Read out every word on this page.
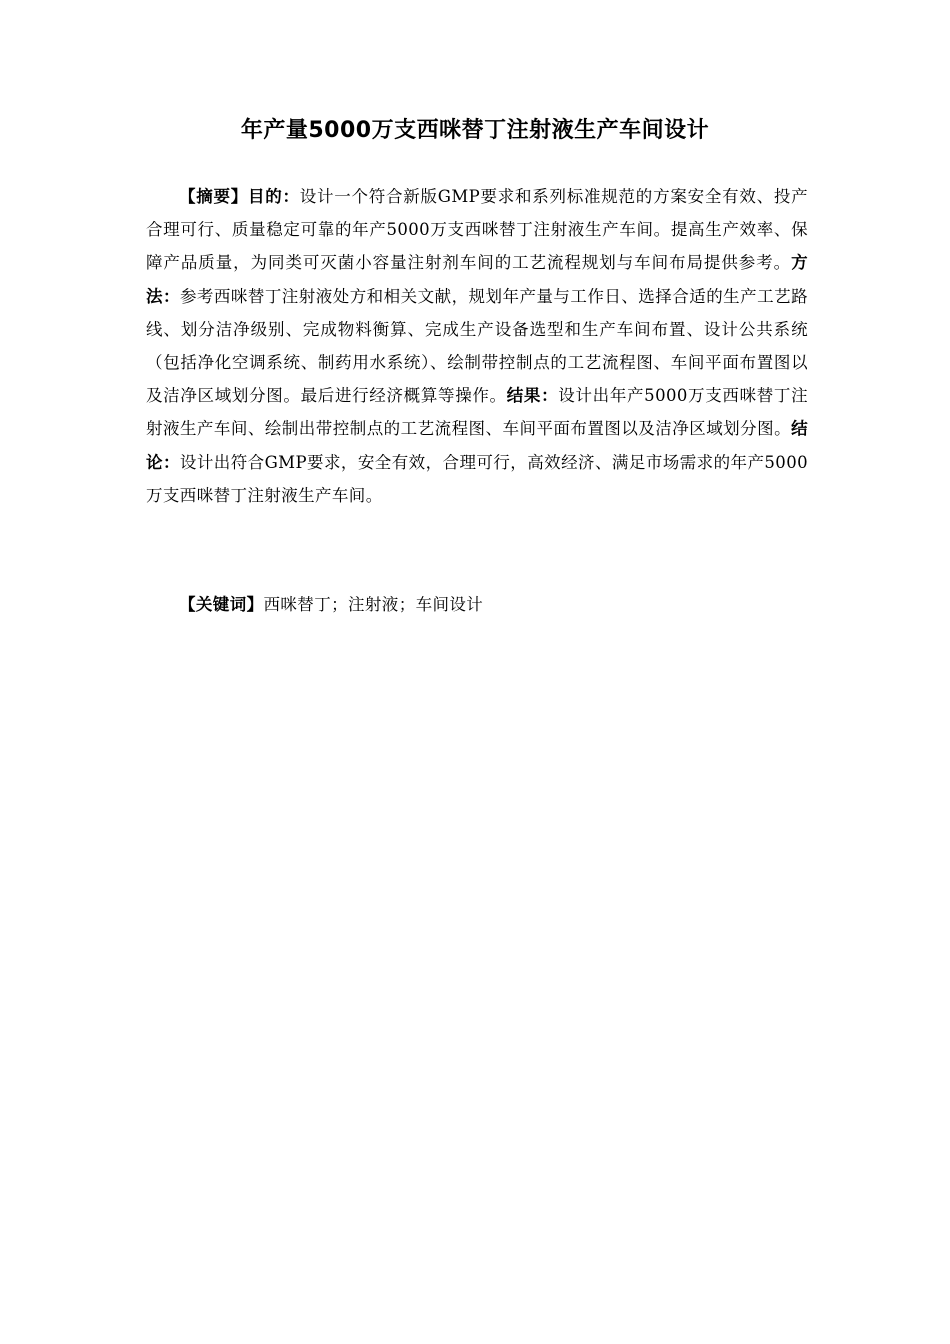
年产量5000万支西咪替丁注射液生产车间设计

【摘要】目的：设计一个符合新版GMP要求和系列标准规范的方案安全有效、投产合理可行、质量稳定可靠的年产5000万支西咪替丁注射液生产车间。提高生产效率、保障产品质量，为同类可灭菌小容量注射剂车间的工艺流程规划与车间布局提供参考。方法：参考西咪替丁注射液处方和相关文献，规划年产量与工作日、选择合适的生产工艺路线、划分洁净级别、完成物料衡算、完成生产设备选型和生产车间布置、设计公共系统（包括净化空调系统、制药用水系统）、绘制带控制点的工艺流程图、车间平面布置图以及洁净区域划分图。最后进行经济概算等操作。结果：设计出年产5000万支西咪替丁注射液生产车间、绘制出带控制点的工艺流程图、车间平面布置图以及洁净区域划分图。结论：设计出符合GMP要求，安全有效，合理可行，高效经济、满足市场需求的年产5000万支西咪替丁注射液生产车间。

【关键词】西咪替丁；注射液；车间设计
